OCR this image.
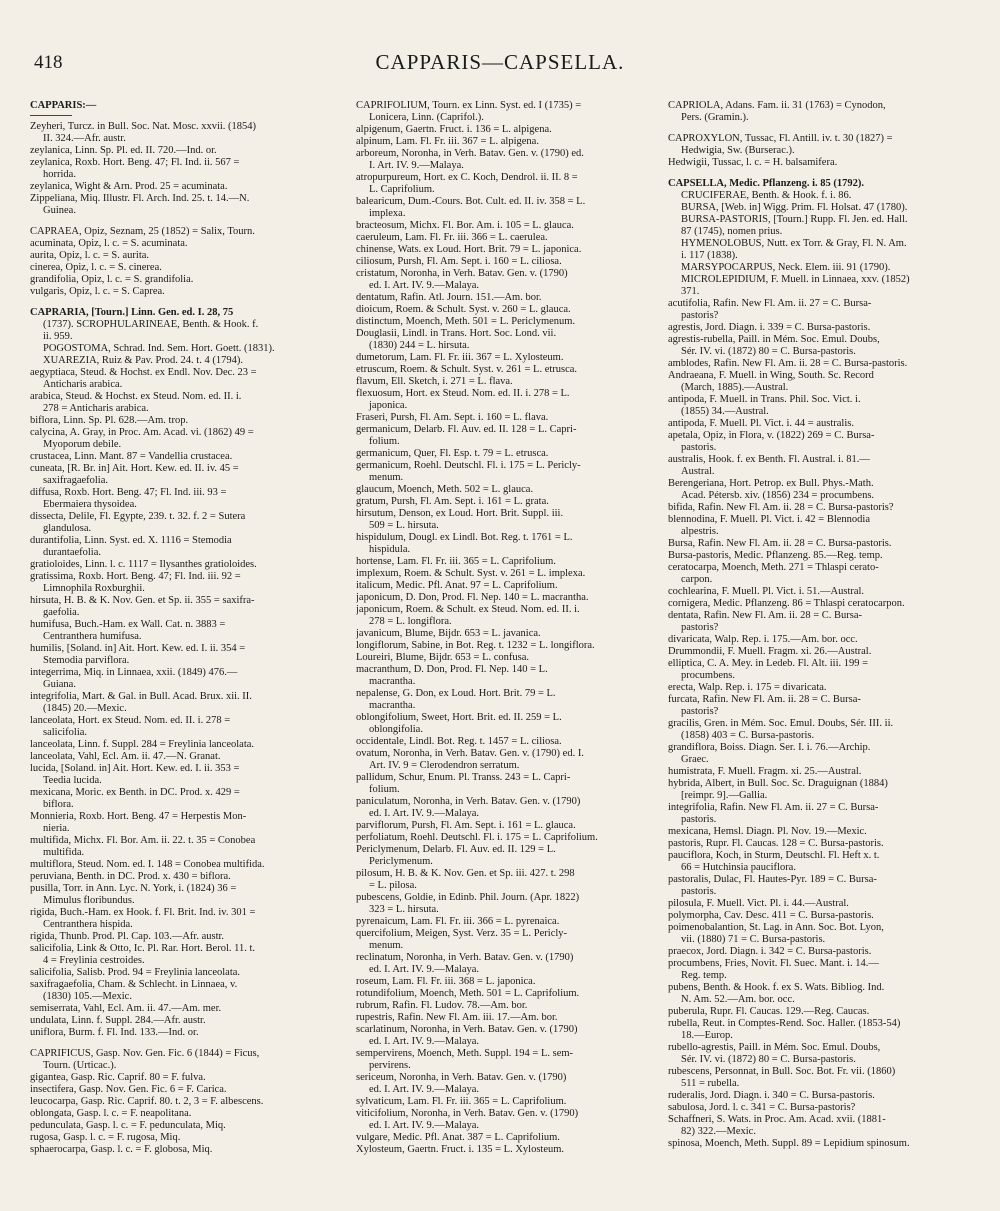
418	CAPPARIS—CAPSELLA.
CAPPARIS:—
Zeyheri, Turcz. in Bull. Soc. Nat. Mosc. xxvii. (1854)
II. 324.—Afr. austr.
zeylanica, Linn. Sp. Pl. ed. II. 720.—Ind. or.
zeylanica, Roxb. Hort. Beng. 47; Fl. Ind. ii. 567 =
horrida.
zeylanica, Wight & Arn. Prod. 25 = acuminata.
Zippeliana, Miq. Illustr. Fl. Arch. Ind. 25. t. 14.—N.
Guinea.
CAPRAEA, Opiz, Seznam, 25 (1852) = Salix, Tourn.
acuminata, Opiz, l. c. = S. acuminata.
aurita, Opiz, l. c. = S. aurita.
cinerea, Opiz, l. c. = S. cinerea.
grandifolia, Opiz, l. c. = S. grandifolia.
vulgaris, Opiz, l. c. = S. Caprea.
CAPRARIA, [Tourn.] Linn. Gen. ed. I. 28, 75
(1737). SCROPHULARINEAE, Benth. & Hook. f.
ii. 959.
POGOSTOMA, Schrad. Ind. Sem. Hort. Goett. (1831).
XUAREZIA, Ruiz & Pav. Prod. 24. t. 4 (1794).
aegyptiaca, Steud. & Hochst. ex Endl. Nov. Dec. 23 =
Anticharis arabica.
arabica, Steud. & Hochst. ex Steud. Nom. ed. II. i.
278 = Anticharis arabica.
biflora, Linn. Sp. Pl. 628.—Am. trop.
calycina, A. Gray, in Proc. Am. Acad. vi. (1862) 49 =
Myoporum debile.
crustacea, Linn. Mant. 87 = Vandellia crustacea.
cuneata, [R. Br. in] Ait. Hort. Kew. ed. II. iv. 45 =
saxifragaefolia.
diffusa, Roxb. Hort. Beng. 47; Fl. Ind. iii. 93 =
Ebermaiera thysoidea.
dissecta, Delile, Fl. Egypte, 239. t. 32. f. 2 = Sutera
glandulosa.
durantifolia, Linn. Syst. ed. X. 1116 = Stemodia
durantaefolia.
gratioloides, Linn. l. c. 1117 = Ilysanthes gratioloides.
gratissima, Roxb. Hort. Beng. 47; Fl. Ind. iii. 92 =
Limnophila Roxburghii.
hirsuta, H. B. & K. Nov. Gen. et Sp. ii. 355 = saxifra-
gaefolia.
humifusa, Buch.-Ham. ex Wall. Cat. n. 3883 =
Centranthera humifusa.
humilis, [Soland. in] Ait. Hort. Kew. ed. I. ii. 354 =
Stemodia parviflora.
integerrima, Miq. in Linnaea, xxii. (1849) 476.—
Guiana.
integrifolia, Mart. & Gal. in Bull. Acad. Brux. xii. II.
(1845) 20.—Mexic.
lanceolata, Hort. ex Steud. Nom. ed. II. i. 278 =
salicifolia.
lanceolata, Linn. f. Suppl. 284 = Freylinia lanceolata.
lanceolata, Vahl, Ecl. Am. ii. 47.—N. Granat.
lucida, [Soland. in] Ait. Hort. Kew. ed. I. ii. 353 =
Teedia lucida.
mexicana, Moric. ex Benth. in DC. Prod. x. 429 =
biflora.
Monnieria, Roxb. Hort. Beng. 47 = Herpestis Mon-
nieria.
multifida, Michx. Fl. Bor. Am. ii. 22. t. 35 = Conobea
multifida.
multiflora, Steud. Nom. ed. I. 148 = Conobea multifida.
peruviana, Benth. in DC. Prod. x. 430 = biflora.
pusilla, Torr. in Ann. Lyc. N. York, i. (1824) 36 =
Mimulus floribundus.
rigida, Buch.-Ham. ex Hook. f. Fl. Brit. Ind. iv. 301 =
Centranthera hispida.
rigida, Thunb. Prod. Pl. Cap. 103.—Afr. austr.
salicifolia, Link & Otto, Ic. Pl. Rar. Hort. Berol. 11. t.
4 = Freylinia cestroides.
salicifolia, Salisb. Prod. 94 = Freylinia lanceolata.
saxifragaefolia, Cham. & Schlecht. in Linnaea, v.
(1830) 105.—Mexic.
semiserrata, Vahl, Ecl. Am. ii. 47.—Am. mer.
undulata, Linn. f. Suppl. 284.—Afr. austr.
uniflora, Burm. f. Fl. Ind. 133.—Ind. or.
CAPRIFICUS, Gasp. Nov. Gen. Fic. 6 (1844) = Ficus,
Tourn. (Urticac.).
gigantea, Gasp. Ric. Caprif. 80 = F. fulva.
insectifera, Gasp. Nov. Gen. Fic. 6 = F. Carica.
leucocarpa, Gasp. Ric. Caprif. 80. t. 2, 3 = F. albescens.
oblongata, Gasp. l. c. = F. neapolitana.
pedunculata, Gasp. l. c. = F. pedunculata, Miq.
rugosa, Gasp. l. c. = F. rugosa, Miq.
sphaerocarpa, Gasp. l. c. = F. globosa, Miq.
CAPRIFOLIUM, Tourn. ex Linn. Syst. ed. I (1735) =
Lonicera, Linn. (Caprifol.).
alpigenum, Gaertn. Fruct. i. 136 = L. alpigena.
alpinum, Lam. Fl. Fr. iii. 367 = L. alpigena.
arboreum, Noronha, in Verh. Batav. Gen. v. (1790) ed.
I. Art. IV. 9.—Malaya.
atropurpureum, Hort. ex C. Koch, Dendrol. ii. II. 8 =
L. Caprifolium.
balearicum, Dum.-Cours. Bot. Cult. ed. II. iv. 358 = L.
implexa.
bracteosum, Michx. Fl. Bor. Am. i. 105 = L. glauca.
caeruleum, Lam. Fl. Fr. iii. 366 = L. caerulea.
chinense, Wats. ex Loud. Hort. Brit. 79 = L. japonica.
ciliosum, Pursh, Fl. Am. Sept. i. 160 = L. ciliosa.
cristatum, Noronha, in Verh. Batav. Gen. v. (1790)
ed. I. Art. IV. 9.—Malaya.
dentatum, Rafin. Atl. Journ. 151.—Am. bor.
dioicum, Roem. & Schult. Syst. v. 260 = L. glauca.
distinctum, Moench, Meth. 501 = L. Periclymenum.
Douglasii, Lindl. in Trans. Hort. Soc. Lond. vii.
(1830) 244 = L. hirsuta.
dumetorum, Lam. Fl. Fr. iii. 367 = L. Xylosteum.
etruscum, Roem. & Schult. Syst. v. 261 = L. etrusca.
flavum, Ell. Sketch, i. 271 = L. flava.
flexuosum, Hort. ex Steud. Nom. ed. II. i. 278 = L.
japonica.
Fraseri, Pursh, Fl. Am. Sept. i. 160 = L. flava.
germanicum, Delarb. Fl. Auv. ed. II. 128 = L. Capri-
folium.
germanicum, Quer, Fl. Esp. t. 79 = L. etrusca.
germanicum, Roehl. Deutschl. Fl. i. 175 = L. Pericly-
menum.
glaucum, Moench, Meth. 502 = L. glauca.
gratum, Pursh, Fl. Am. Sept. i. 161 = L. grata.
hirsutum, Denson, ex Loud. Hort. Brit. Suppl. iii.
509 = L. hirsuta.
hispidulum, Dougl. ex Lindl. Bot. Reg. t. 1761 = L.
hispidula.
hortense, Lam. Fl. Fr. iii. 365 = L. Caprifolium.
implexum, Roem. & Schult. Syst. v. 261 = L. implexa.
italicum, Medic. Pfl. Anat. 97 = L. Caprifolium.
japonicum, D. Don, Prod. Fl. Nep. 140 = L. macrantha.
japonicum, Roem. & Schult. ex Steud. Nom. ed. II. i.
278 = L. longiflora.
javanicum, Blume, Bijdr. 653 = L. javanica.
longiflorum, Sabine, in Bot. Reg. t. 1232 = L. longiflora.
Loureiri, Blume, Bijdr. 653 = L. confusa.
macranthum, D. Don, Prod. Fl. Nep. 140 = L.
macrantha.
nepalense, G. Don, ex Loud. Hort. Brit. 79 = L.
macrantha.
oblongifolium, Sweet, Hort. Brit. ed. II. 259 = L.
oblongifolia.
occidentale, Lindl. Bot. Reg. t. 1457 = L. ciliosa.
ovatum, Noronha, in Verh. Batav. Gen. v. (1790) ed. I.
Art. IV. 9 = Clerodendron serratum.
pallidum, Schur, Enum. Pl. Transs. 243 = L. Capri-
folium.
paniculatum, Noronha, in Verh. Batav. Gen. v. (1790)
ed. I. Art. IV. 9.—Malaya.
parviflorum, Pursh, Fl. Am. Sept. i. 161 = L. glauca.
perfoliatum, Roehl. Deutschl. Fl. i. 175 = L. Caprifolium.
Periclymenum, Delarb. Fl. Auv. ed. II. 129 = L.
Periclymenum.
pilosum, H. B. & K. Nov. Gen. et Sp. iii. 427. t. 298
= L. pilosa.
pubescens, Goldie, in Edinb. Phil. Journ. (Apr. 1822)
323 = L. hirsuta.
pyrenaicum, Lam. Fl. Fr. iii. 366 = L. pyrenaica.
quercifolium, Meigen, Syst. Verz. 35 = L. Pericly-
menum.
reclinatum, Noronha, in Verh. Batav. Gen. v. (1790)
ed. I. Art. IV. 9.—Malaya.
roseum, Lam. Fl. Fr. iii. 368 = L. japonica.
rotundifolium, Moench, Meth. 501 = L. Caprifolium.
rubrum, Rafin. Fl. Ludov. 78.—Am. bor.
rupestris, Rafin. New Fl. Am. iii. 17.—Am. bor.
scarlatinum, Noronha, in Verh. Batav. Gen. v. (1790)
ed. I. Art. IV. 9.—Malaya.
sempervirens, Moench, Meth. Suppl. 194 = L. sem-
pervirens.
sericeum, Noronha, in Verh. Batav. Gen. v. (1790)
ed. I. Art. IV. 9.—Malaya.
sylvaticum, Lam. Fl. Fr. iii. 365 = L. Caprifolium.
viticifolium, Noronha, in Verh. Batav. Gen. v. (1790)
ed. I. Art. IV. 9.—Malaya.
vulgare, Medic. Pfl. Anat. 387 = L. Caprifolium.
Xylosteum, Gaertn. Fruct. i. 135 = L. Xylosteum.
CAPRIOLA, Adans. Fam. ii. 31 (1763) = Cynodon,
Pers. (Gramin.).
CAPROXYLON, Tussac, Fl. Antill. iv. t. 30 (1827) =
Hedwigia, Sw. (Burserac.).
Hedwigii, Tussac, l. c. = H. balsamifera.
CAPSELLA, Medic. Pflanzeng. i. 85 (1792).
CRUCIFERAE, Benth. & Hook. f. i. 86.
BURSA, [Web. in] Wigg. Prim. Fl. Holsat. 47 (1780).
BURSA-PASTORIS, [Tourn.] Rupp. Fl. Jen. ed. Hall.
87 (1745), nomen prius.
HYMENOLOBUS, Nutt. ex Torr. & Gray, Fl. N. Am.
i. 117 (1838).
MARSYPOCARPUS, Neck. Elem. iii. 91 (1790).
MICROLEPIDIUM, F. Muell. in Linnaea, xxv. (1852)
371.
acutifolia, Rafin. New Fl. Am. ii. 27 = C. Bursa-
pastoris?
agrestis, Jord. Diagn. i. 339 = C. Bursa-pastoris.
agrestis-rubella, Paill. in Mém. Soc. Emul. Doubs,
Sér. IV. vi. (1872) 80 = C. Bursa-pastoris.
amblodes, Rafin. New Fl. Am. ii. 28 = C. Bursa-pastoris.
Andraeana, F. Muell. in Wing, South. Sc. Record
(March, 1885).—Austral.
antipoda, F. Muell. in Trans. Phil. Soc. Vict. i.
(1855) 34.—Austral.
antipoda, F. Muell. Pl. Vict. i. 44 = australis.
apetala, Opiz, in Flora, v. (1822) 269 = C. Bursa-
pastoris.
australis, Hook. f. ex Benth. Fl. Austral. i. 81.—
Austral.
Berengeriana, Hort. Petrop. ex Bull. Phys.-Math.
Acad. Pétersb. xiv. (1856) 234 = procumbens.
bifida, Rafin. New Fl. Am. ii. 28 = C. Bursa-pastoris?
blennodina, F. Muell. Pl. Vict. i. 42 = Blennodia
alpestris.
Bursa, Rafin. New Fl. Am. ii. 28 = C. Bursa-pastoris.
Bursa-pastoris, Medic. Pflanzeng. 85.—Reg. temp.
ceratocarpa, Moench, Meth. 271 = Thlaspi cerato-
carpon.
cochlearina, F. Muell. Pl. Vict. i. 51.—Austral.
cornigera, Medic. Pflanzeng. 86 = Thlaspi ceratocarpon.
dentata, Rafin. New Fl. Am. ii. 28 = C. Bursa-
pastoris?
divaricata, Walp. Rep. i. 175.—Am. bor. occ.
Drummondii, F. Muell. Fragm. xi. 26.—Austral.
elliptica, C. A. Mey. in Ledeb. Fl. Alt. iii. 199 =
procumbens.
erecta, Walp. Rep. i. 175 = divaricata.
furcata, Rafin. New Fl. Am. ii. 28 = C. Bursa-
pastoris?
gracilis, Gren. in Mém. Soc. Emul. Doubs, Sér. III. ii.
(1858) 403 = C. Bursa-pastoris.
grandiflora, Boiss. Diagn. Ser. I. i. 76.—Archip.
Graec.
humistrata, F. Muell. Fragm. xi. 25.—Austral.
hybrida, Albert, in Bull. Soc. Sc. Draguignan (1884)
[reimpr. 9].—Gallia.
integrifolia, Rafin. New Fl. Am. ii. 27 = C. Bursa-
pastoris.
mexicana, Hemsl. Diagn. Pl. Nov. 19.—Mexic.
pastoris, Rupr. Fl. Caucas. 128 = C. Bursa-pastoris.
pauciflora, Koch, in Sturm, Deutschl. Fl. Heft x. t.
66 = Hutchinsia pauciflora.
pastoralis, Dulac, Fl. Hautes-Pyr. 189 = C. Bursa-
pastoris.
pilosula, F. Muell. Vict. Pl. i. 44.—Austral.
polymorpha, Cav. Desc. 411 = C. Bursa-pastoris.
poimenobalantion, St. Lag. in Ann. Soc. Bot. Lyon,
vii. (1880) 71 = C. Bursa-pastoris.
praecox, Jord. Diagn. i. 342 = C. Bursa-pastoris.
procumbens, Fries, Novit. Fl. Suec. Mant. i. 14.—
Reg. temp.
pubens, Benth. & Hook. f. ex S. Wats. Bibliog. Ind.
N. Am. 52.—Am. bor. occ.
puberula, Rupr. Fl. Caucas. 129.—Reg. Caucas.
rubella, Reut. in Comptes-Rend. Soc. Haller. (1853-54)
18.—Europ.
rubello-agrestis, Paill. in Mém. Soc. Emul. Doubs,
Sér. IV. vi. (1872) 80 = C. Bursa-pastoris.
rubescens, Personnat, in Bull. Soc. Bot. Fr. vii. (1860)
511 = rubella.
ruderalis, Jord. Diagn. i. 340 = C. Bursa-pastoris.
sabulosa, Jord. l. c. 341 = C. Bursa-pastoris?
Schaffneri, S. Wats. in Proc. Am. Acad. xvii. (1881-
82) 322.—Mexic.
spinosa, Moench, Meth. Suppl. 89 = Lepidium spinosum.
